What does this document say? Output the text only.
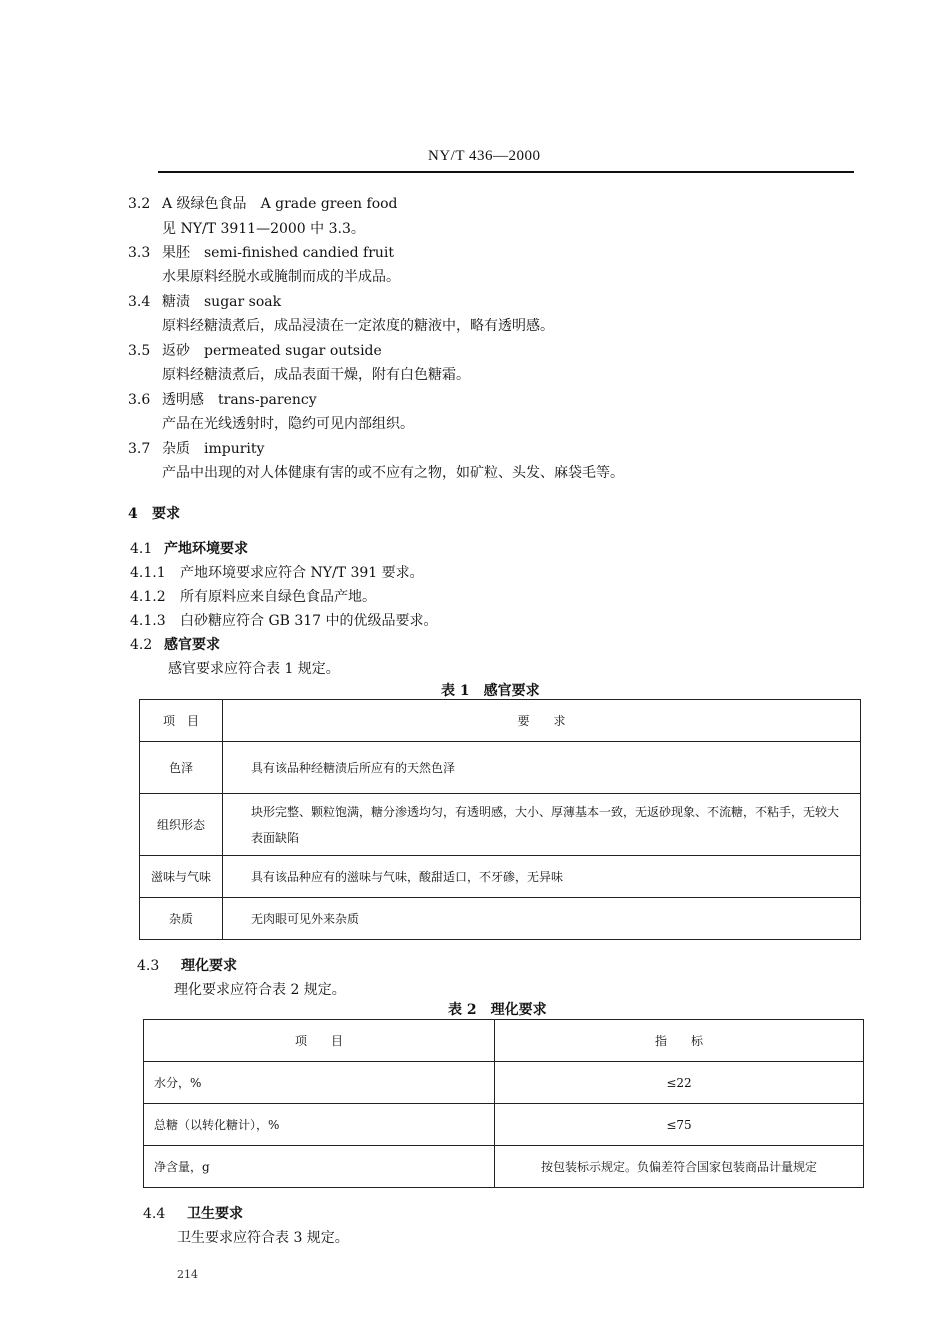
NY/T 436—2000
3.2 A 级绿色食品 A grade green food
见 NY/T 3911—2000 中 3.3。
3.3 果胚 semi-finished candied fruit
水果原料经脱水或腌制而成的半成品。
3.4 糖渍 sugar soak
原料经糖渍煮后，成品浸渍在一定浓度的糖液中，略有透明感。
3.5 返砂 permeated sugar outside
原料经糖渍煮后，成品表面干燥，附有白色糖霜。
3.6 透明感 trans-parency
产品在光线透射时，隐约可见内部组织。
3.7 杂质 impurity
产品中出现的对人体健康有害的或不应有之物，如矿粒、头发、麻袋毛等。
4 要求
4.1 产地环境要求
4.1.1 产地环境要求应符合 NY/T 391 要求。
4.1.2 所有原料应来自绿色食品产地。
4.1.3 白砂糖应符合 GB 317 中的优级品要求。
4.2 感官要求
感官要求应符合表 1 规定。
表 1　感官要求
项　目	要　　求
色泽	具有该品种经糖渍后所应有的天然色泽
组织形态	块形完整、颗粒饱满，糖分渗透均匀，有透明感，大小、厚薄基本一致，无返砂现象、不流糖，不粘手，无较大表面缺陷
滋味与气味	具有该品种应有的滋味与气味，酸甜适口，不牙碜，无异味
杂质	无肉眼可见外来杂质
4.3 理化要求
理化要求应符合表 2 规定。
表 2　理化要求
项　　目	指　　标
水分，%	≤22
总糖（以转化糖计），%	≤75
净含量，g	按包装标示规定。负偏差符合国家包装商品计量规定
4.4 卫生要求
卫生要求应符合表 3 规定。
214
